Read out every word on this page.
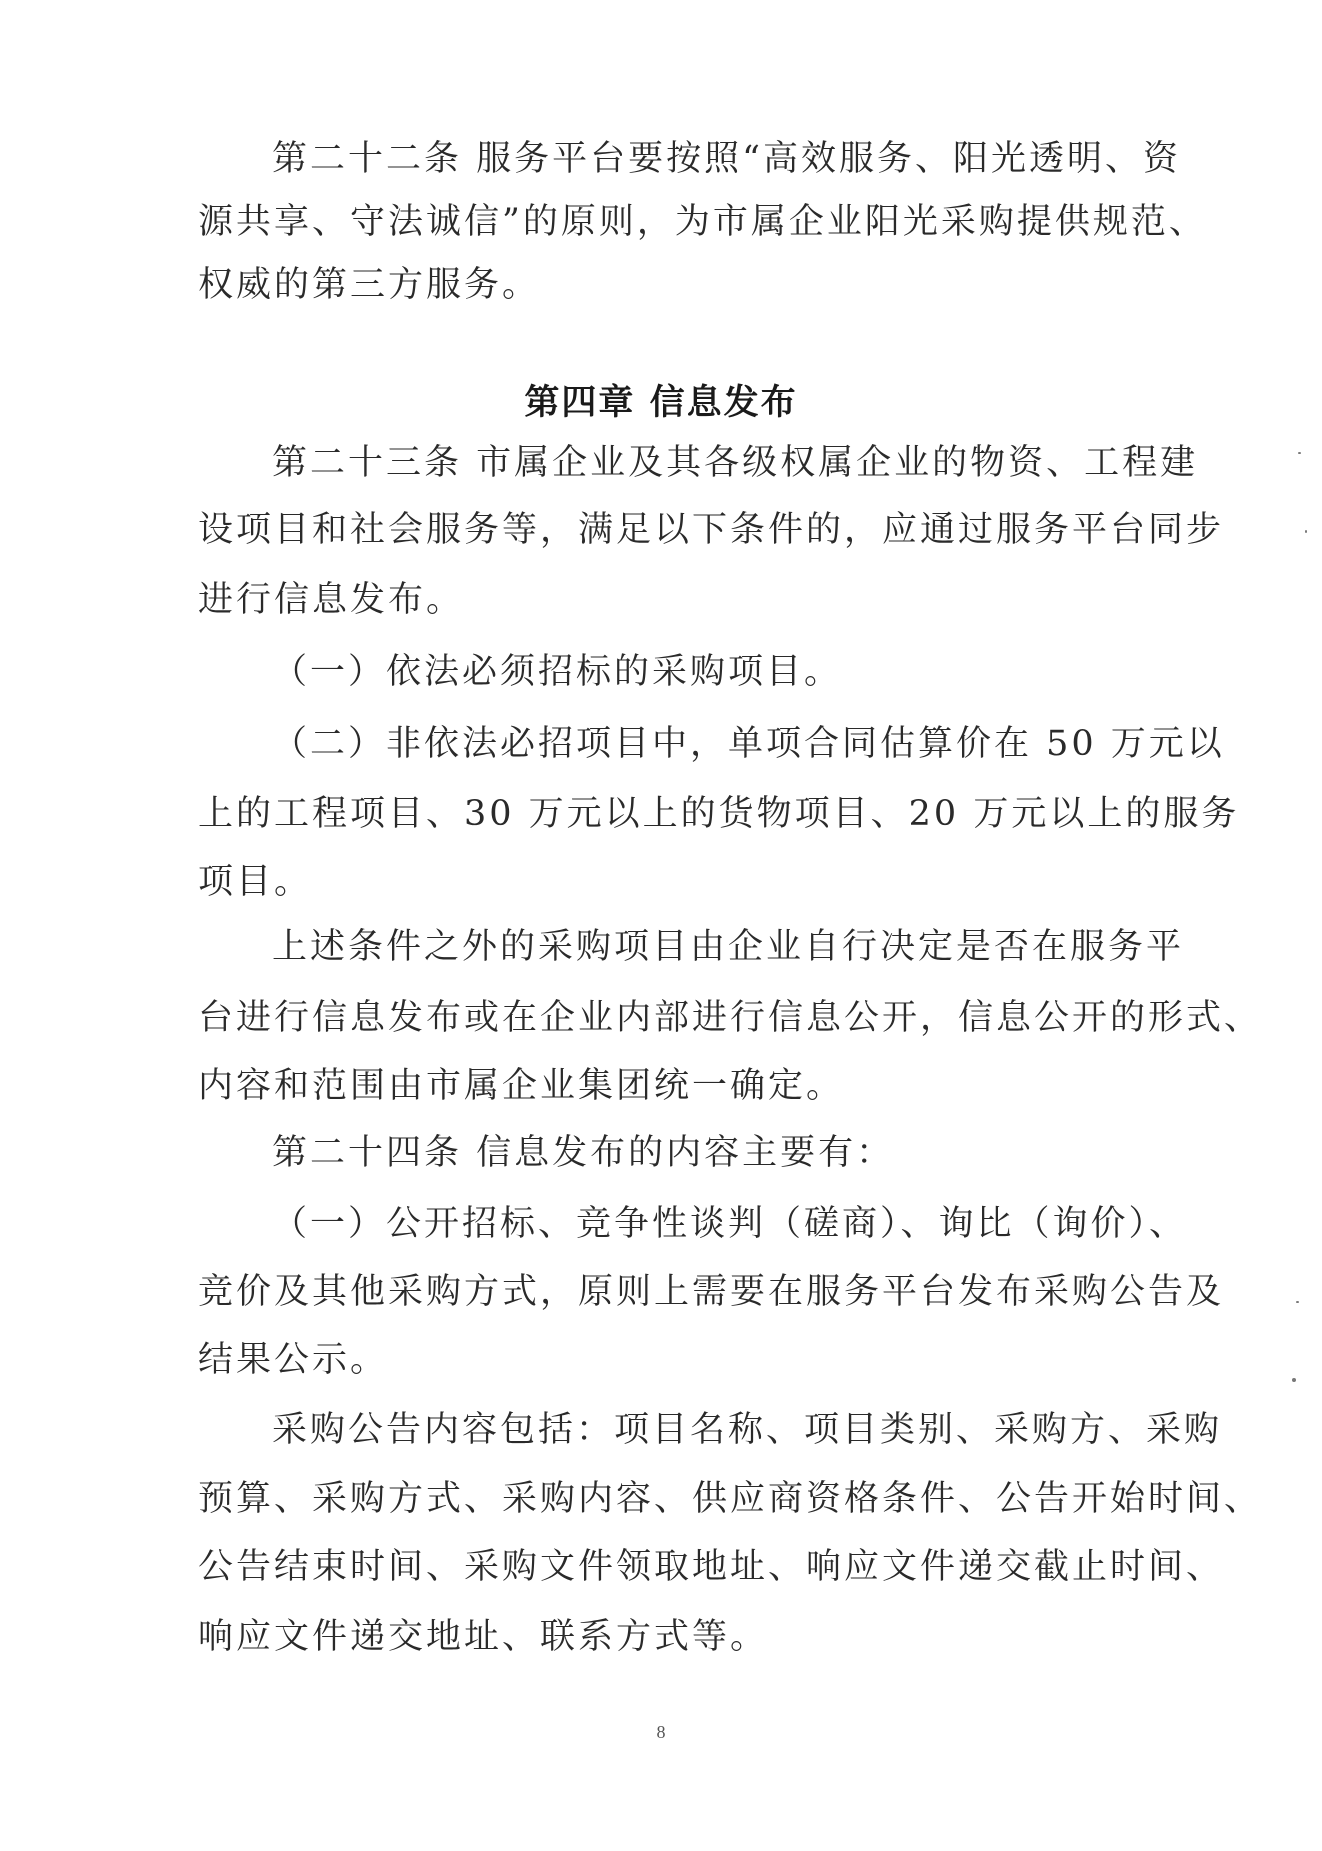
第二十二条 服务平台要按照“高效服务、阳光透明、资
源共享、守法诚信”的原则，为市属企业阳光采购提供规范、
权威的第三方服务。
第四章 信息发布
第二十三条 市属企业及其各级权属企业的物资、工程建
设项目和社会服务等，满足以下条件的，应通过服务平台同步
进行信息发布。
（一）依法必须招标的采购项目。
（二）非依法必招项目中，单项合同估算价在 50 万元以
上的工程项目、30 万元以上的货物项目、20 万元以上的服务
项目。
上述条件之外的采购项目由企业自行决定是否在服务平
台进行信息发布或在企业内部进行信息公开，信息公开的形式、
内容和范围由市属企业集团统一确定。
第二十四条 信息发布的内容主要有：
（一）公开招标、竞争性谈判（磋商）、询比（询价）、
竞价及其他采购方式，原则上需要在服务平台发布采购公告及
结果公示。
采购公告内容包括：项目名称、项目类别、采购方、采购
预算、采购方式、采购内容、供应商资格条件、公告开始时间、
公告结束时间、采购文件领取地址、响应文件递交截止时间、
响应文件递交地址、联系方式等。
8
